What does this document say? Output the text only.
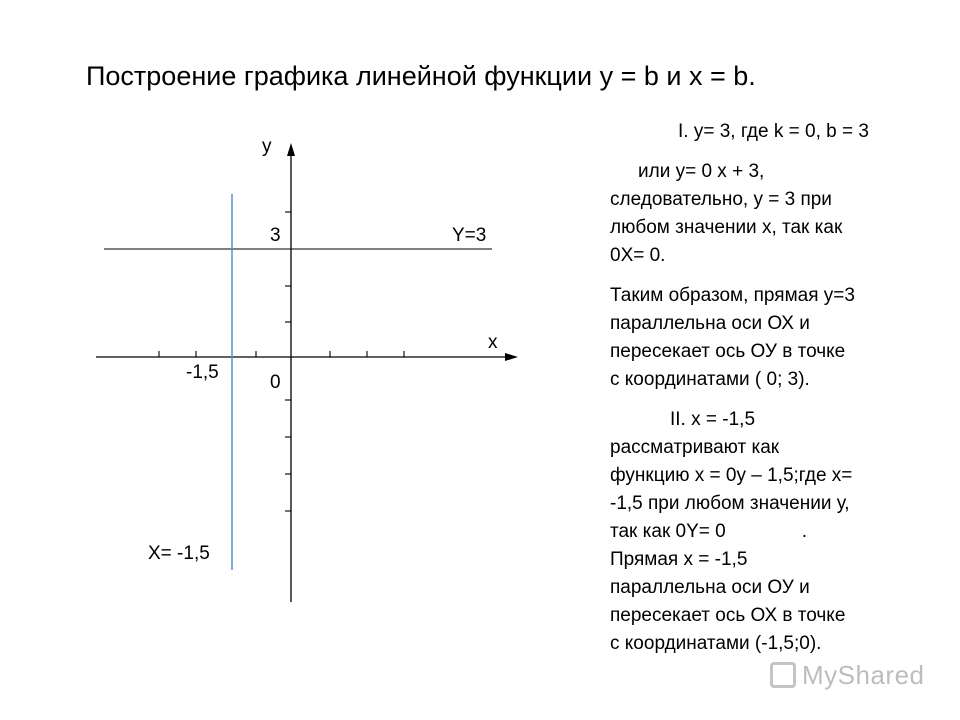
Построение графика линейной функции у = b и х = b.
y
x
3	Y=3
0
-1,5
X= -1,5

I. у= 3, где k = 0, b = 3

или у= 0 х + 3,
следовательно, у = 3 при
любом значении х, так как
0Х= 0.

Таким образом, прямая у=3
параллельна оси ОХ и
пересекает ось ОУ в точке
с координатами ( 0; 3).

II. х = -1,5
рассматривают как
функцию х = 0у – 1,5;где х=
-1,5 при любом значении у,
так как 0Y= 0	.
Прямая х = -1,5
параллельна оси ОУ и
пересекает ось ОХ в точке
с координатами (-1,5;0).

MyShared
